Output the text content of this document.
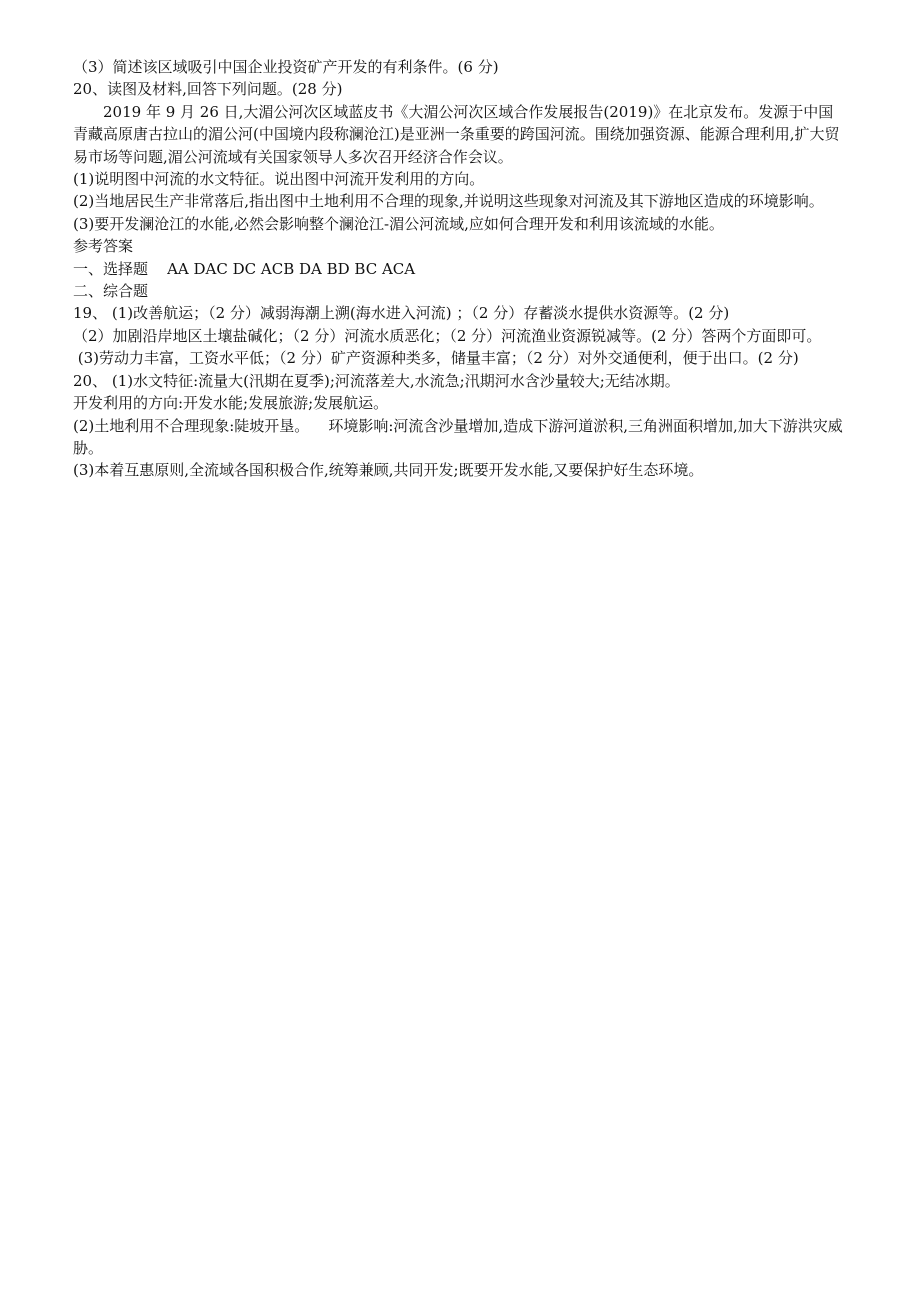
（3）简述该区域吸引中国企业投资矿产开发的有利条件。(6 分)

20、读图及材料,回答下列问题。(28 分)

2019 年 9 月 26 日,大湄公河次区域蓝皮书《大湄公河次区域合作发展报告(2019)》在北京发布。发源于中国青藏高原唐古拉山的湄公河(中国境内段称澜沧江)是亚洲一条重要的跨国河流。围绕加强资源、能源合理利用,扩大贸易市场等问题,湄公河流域有关国家领导人多次召开经济合作会议。

(1)说明图中河流的水文特征。说出图中河流开发利用的方向。

(2)当地居民生产非常落后,指出图中土地利用不合理的现象,并说明这些现象对河流及其下游地区造成的环境影响。

(3)要开发澜沧江的水能,必然会影响整个澜沧江-湄公河流域,应如何合理开发和利用该流域的水能。

参考答案

一、选择题    AA DAC DC ACB DA BD BC ACA

二、综合题

19、 (1)改善航运；（2 分）减弱海潮上溯(海水进入河流) ；（2 分）存蓄淡水提供水资源等。(2 分)

（2）加剧沿岸地区土壤盐碱化；（2 分）河流水质恶化；（2 分）河流渔业资源锐减等。(2 分）答两个方面即可。

(3)劳动力丰富，工资水平低；（2 分）矿产资源种类多，储量丰富；（2 分）对外交通便利，便于出口。(2 分)

20、 (1)水文特征:流量大(汛期在夏季);河流落差大,水流急;汛期河水含沙量较大;无结冰期。

开发利用的方向:开发水能;发展旅游;发展航运。

(2)土地利用不合理现象:陡坡开垦。    环境影响:河流含沙量增加,造成下游河道淤积,三角洲面积增加,加大下游洪灾威胁。

(3)本着互惠原则,全流域各国积极合作,统筹兼顾,共同开发;既要开发水能,又要保护好生态环境。
